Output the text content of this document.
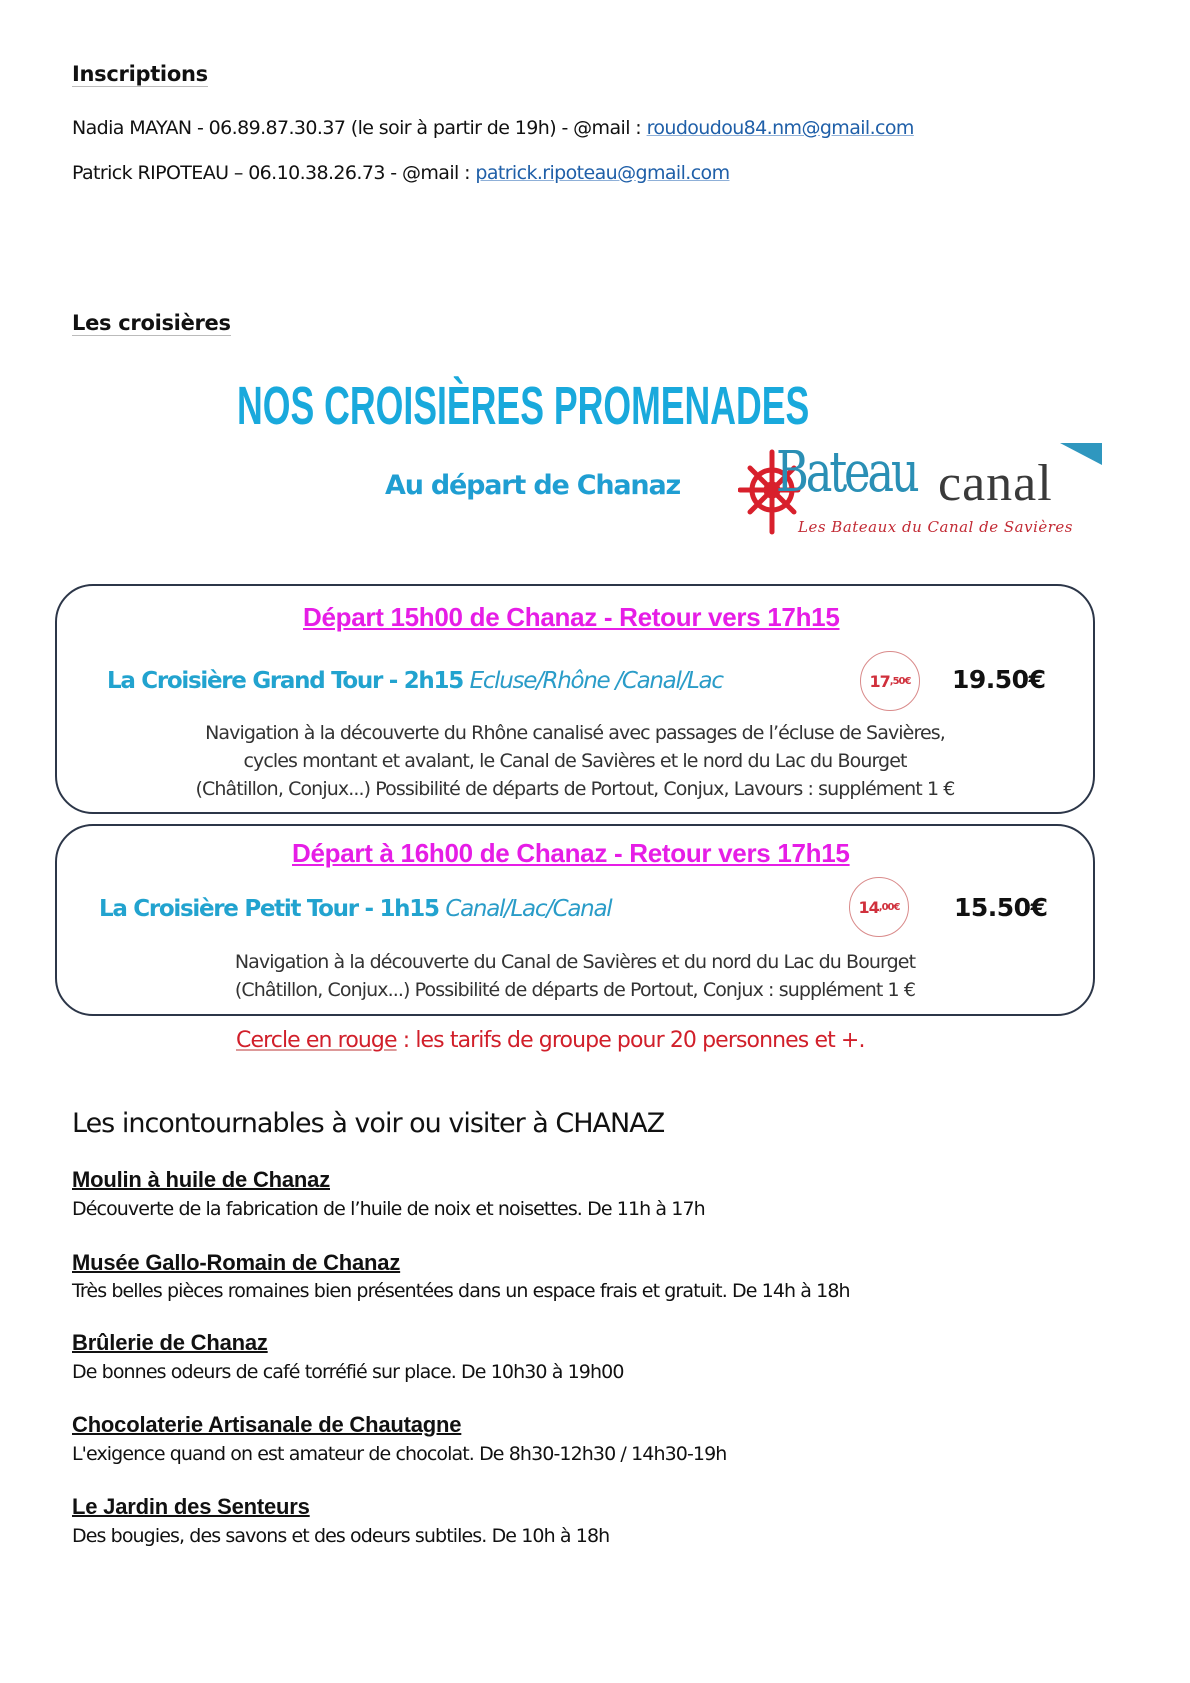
Inscriptions
Nadia MAYAN - 06.89.87.30.37 (le soir à partir de 19h) - @mail : roudoudou84.nm@gmail.com
Patrick RIPOTEAU – 06.10.38.26.73 - @mail : patrick.ripoteau@gmail.com
Les croisières
NOS CROISIÈRES PROMENADES
Au départ de Chanaz Bateau canal
Les Bateaux du Canal de Savières
Départ 15h00 de Chanaz - Retour vers 17h15
La Croisière Grand Tour - 2h15 Ecluse/Rhône /Canal/Lac	17 ,50€ 19.50€
Navigation à la découverte du Rhône canalisé avec passages de l’écluse de Savières,
cycles montant et avalant, le Canal de Savières et le nord du Lac du Bourget
(Châtillon, Conjux...) Possibilité de départs de Portout, Conjux, Lavours : supplément 1 €
Départ à 16h00 de Chanaz - Retour vers 17h15
La Croisière Petit Tour - 1h15 Canal/Lac/Canal	14 ,00€ 15.50€
Navigation à la découverte du Canal de Savières et du nord du Lac du Bourget
(Châtillon, Conjux...) Possibilité de départs de Portout, Conjux : supplément 1 €
Cercle en rouge : les tarifs de groupe pour 20 personnes et +.
Les incontournables à voir ou visiter à CHANAZ
Moulin à huile de Chanaz
Découverte de la fabrication de l’huile de noix et noisettes. De 11h à 17h
Musée Gallo-Romain de Chanaz
Très belles pièces romaines bien présentées dans un espace frais et gratuit. De 14h à 18h
Brûlerie de Chanaz
De bonnes odeurs de café torréfié sur place. De 10h30 à 19h00
Chocolaterie Artisanale de Chautagne
L'exigence quand on est amateur de chocolat. De 8h30-12h30 / 14h30-19h
Le Jardin des Senteurs
Des bougies, des savons et des odeurs subtiles. De 10h à 18h
